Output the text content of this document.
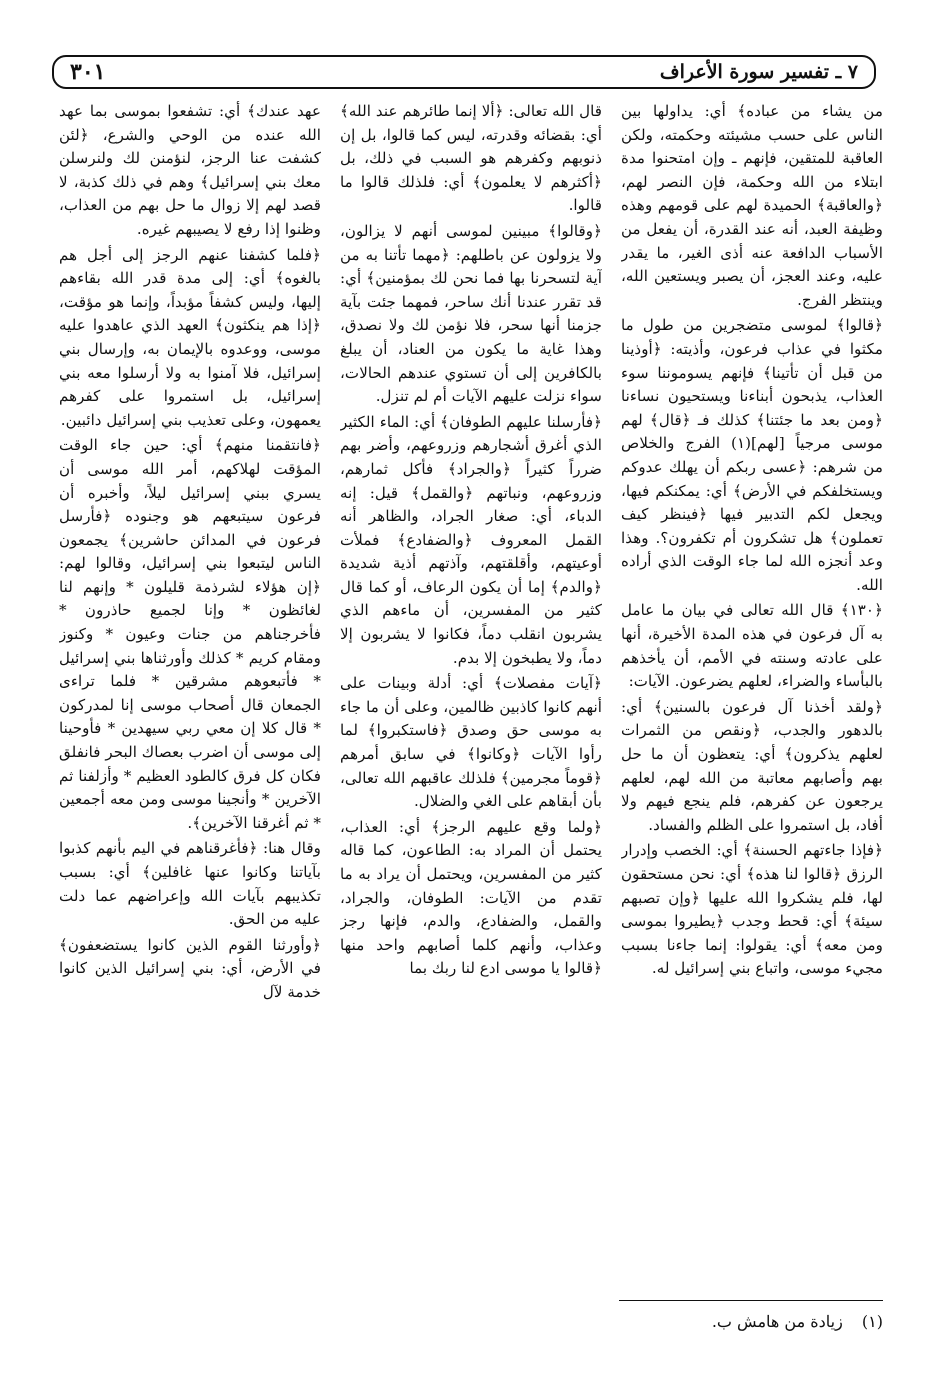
٧ ـ تفسير سورة الأعراف
٣٠١

من يشاء من عباده﴾ أي: يداولها بين الناس على حسب مشيئته وحكمته، ولكن العاقبة للمتقين، فإنهم ـ وإن امتحنوا مدة ابتلاء من الله وحكمة، فإن النصر لهم، ﴿والعاقبة﴾ الحميدة لهم على قومهم وهذه وظيفة العبد، أنه عند القدرة، أن يفعل من الأسباب الدافعة عنه أذى الغير، ما يقدر عليه، وعند العجز، أن يصبر ويستعين الله، وينتظر الفرج.

﴿قالوا﴾ لموسى متضجرين من طول ما مكثوا في عذاب فرعون، وأذيته: ﴿أوذينا من قبل أن تأتينا﴾ فإنهم يسوموننا سوء العذاب، يذبحون أبناءنا ويستحيون نساءنا ﴿ومن بعد ما جئتنا﴾ كذلك فـ ﴿قال﴾ لهم موسى مرجياً [لهم](١) الفرج والخلاص من شرهم: ﴿عسى ربكم أن يهلك عدوكم ويستخلفكم في الأرض﴾ أي: يمكنكم فيها، ويجعل لكم التدبير فيها ﴿فينظر كيف تعملون﴾ هل تشكرون أم تكفرون؟. وهذا وعد أنجزه الله لما جاء الوقت الذي أراده الله.

﴿١٣٠﴾ قال الله تعالى في بيان ما عامل به آل فرعون في هذه المدة الأخيرة، أنها على عادته وسنته في الأمم، أن يأخذهم بالبأساء والضراء، لعلهم يضرعون. الآيات:

﴿ولقد أخذنا آل فرعون بالسنين﴾ أي: بالدهور والجدب، ﴿ونقص من الثمرات لعلهم يذكرون﴾ أي: يتعظون أن ما حل بهم وأصابهم معاتبة من الله لهم، لعلهم يرجعون عن كفرهم، فلم ينجع فيهم ولا أفاد، بل استمروا على الظلم والفساد.

﴿فإذا جاءتهم الحسنة﴾ أي: الخصب وإدرار الرزق ﴿قالوا لنا هذه﴾ أي: نحن مستحقون لها، فلم يشكروا الله عليها ﴿وإن تصبهم سيئة﴾ أي: قحط وجدب ﴿يطيروا بموسى ومن معه﴾ أي: يقولوا: إنما جاءنا بسبب مجيء موسى، واتباع بني إسرائيل له.

قال الله تعالى: ﴿ألا إنما طائرهم عند الله﴾ أي: بقضائه وقدرته، ليس كما قالوا، بل إن ذنوبهم وكفرهم هو السبب في ذلك، بل ﴿أكثرهم لا يعلمون﴾ أي: فلذلك قالوا ما قالوا.

﴿وقالوا﴾ مبينين لموسى أنهم لا يزالون، ولا يزولون عن باطلهم: ﴿مهما تأتنا به من آية لتسحرنا بها فما نحن لك بمؤمنين﴾ أي: قد تقرر عندنا أنك ساحر، فمهما جئت بآية جزمنا أنها سحر، فلا نؤمن لك ولا نصدق، وهذا غاية ما يكون من العناد، أن يبلغ بالكافرين إلى أن تستوي عندهم الحالات، سواء نزلت عليهم الآيات أم لم تنزل.

﴿فأرسلنا عليهم الطوفان﴾ أي: الماء الكثير الذي أغرق أشجارهم وزروعهم، وأضر بهم ضرراً كثيراً ﴿والجراد﴾ فأكل ثمارهم، وزروعهم، ونباتهم ﴿والقمل﴾ قيل: إنه الدباء، أي: صغار الجراد، والظاهر أنه القمل المعروف ﴿والضفادع﴾ فملأت أوعيتهم، وأقلقتهم، وآذتهم أذية شديدة ﴿والدم﴾ إما أن يكون الرعاف، أو كما قال كثير من المفسرين، أن ماءهم الذي يشربون انقلب دماً، فكانوا لا يشربون إلا دماً، ولا يطبخون إلا بدم.

﴿آيات مفصلات﴾ أي: أدلة وبينات على أنهم كانوا كاذبين ظالمين، وعلى أن ما جاء به موسى حق وصدق ﴿فاستكبروا﴾ لما رأوا الآيات ﴿وكانوا﴾ في سابق أمرهم ﴿قوماً مجرمين﴾ فلذلك عاقبهم الله تعالى، بأن أبقاهم على الغي والضلال.

﴿ولما وقع عليهم الرجز﴾ أي: العذاب، يحتمل أن المراد به: الطاعون، كما قاله كثير من المفسرين، ويحتمل أن يراد به ما تقدم من الآيات: الطوفان، والجراد، والقمل، والضفادع، والدم، فإنها رجز وعذاب، وأنهم كلما أصابهم واحد منها ﴿قالوا يا موسى ادع لنا ربك بما

عهد عندك﴾ أي: تشفعوا بموسى بما عهد الله عنده من الوحي والشرع، ﴿لئن كشفت عنا الرجز، لنؤمنن لك ولنرسلن معك بني إسرائيل﴾ وهم في ذلك كذبة، لا قصد لهم إلا زوال ما حل بهم من العذاب، وظنوا إذا رفع لا يصيبهم غيره.

﴿فلما كشفنا عنهم الرجز إلى أجل هم بالغوه﴾ أي: إلى مدة قدر الله بقاءهم إليها، وليس كشفاً مؤبداً، وإنما هو مؤقت، ﴿إذا هم ينكثون﴾ العهد الذي عاهدوا عليه موسى، ووعدوه بالإيمان به، وإرسال بني إسرائيل، فلا آمنوا به ولا أرسلوا معه بني إسرائيل، بل استمروا على كفرهم يعمهون، وعلى تعذيب بني إسرائيل دائبين.

﴿فانتقمنا منهم﴾ أي: حين جاء الوقت المؤقت لهلاكهم، أمر الله موسى أن يسري ببني إسرائيل ليلاً، وأخبره أن فرعون سيتبعهم هو وجنوده ﴿فأرسل فرعون في المدائن حاشرين﴾ يجمعون الناس ليتبعوا بني إسرائيل، وقالوا لهم: ﴿إن هؤلاء لشرذمة قليلون * وإنهم لنا لغائظون * وإنا لجميع حاذرون * فأخرجناهم من جنات وعيون * وكنوز ومقام كريم * كذلك وأورثناها بني إسرائيل * فأتبعوهم مشرقين * فلما تراءى الجمعان قال أصحاب موسى إنا لمدركون * قال كلا إن معي ربي سيهدين * فأوحينا إلى موسى أن اضرب بعصاك البحر فانفلق فكان كل فرق كالطود العظيم * وأزلفنا ثم الآخرين * وأنجينا موسى ومن معه أجمعين * ثم أغرقنا الآخرين﴾.

وقال هنا: ﴿فأغرقناهم في اليم بأنهم كذبوا بآياتنا وكانوا عنها غافلين﴾ أي: بسبب تكذيبهم بآيات الله وإعراضهم عما دلت عليه من الحق.

﴿وأورثنا القوم الذين كانوا يستضعفون﴾ في الأرض، أي: بني إسرائيل الذين كانوا خدمة لآل

(١) زيادة من هامش ب.
